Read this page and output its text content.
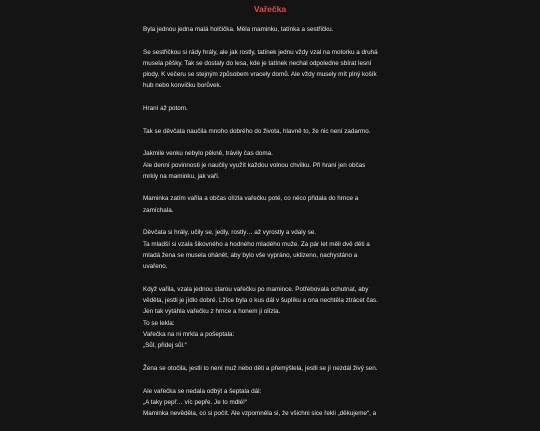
Vařečka

Byla jednou jedna malá holčička. Měla maminku, tatínka a sestřičku.

Se sestřičkou si rády hrály, ale jak rostly, tatínek jednu vždy vzal na motorku a druhá
musela pěšky. Tak se dostaly do lesa, kde je tatínek nechal odpoledne sbírat lesní
plody. K večeru se stejným způsobem vracely domů. Ale vždy musely mít plný košík
hub nebo konvičku borůvek.

Hraní až potom.

Tak se děvčata naučila mnoho dobrého do života, hlavně to, že nic není zadarmo.

Jakmile venku nebylo pěkně, trávily čas doma.
Ale denní povinnosti je naučily využít každou volnou chvilku. Při hraní jen občas
mrkly na maminku, jak vaří.

Maminka zatím vařila a občas olízla vařečku poté, co něco přidala do hrnce a
zamíchala.

Děvčata si hrály, učily se, jedly, rostly… až vyrostly a vdaly se.
Ta mladší si vzala šikovného a hodného mladého muže. Za pár let měli dvě děti a
mladá žena se musela ohánět, aby bylo vše vypráno, uklizeno, nachystáno a
uvařeno.

Když vařila, vzala jednou starou vařečku po mamince. Potřebovala ochutnat, aby
věděla, jestli je jídlo dobré. Lžíce byla o kus dál v šuplíku a ona nechtěla ztrácet čas.
Jen tak vytáhla vařečku z hrnce a honem ji olízla.
To se lekla:
Vařečka na ni mrkla a pošeptala:
„Sůl, přidej sůl.“

Žena se otočila, jestli to není muž nebo děti a přemýšlela, jestli se jí nezdál živý sen.

Ale vařečka se nedala odbýt a šeptala dál:
„A taky pepř… víc pepře. Je to mdlé!“
Maminka nevěděla, co si počít. Ale vzpomněla si, že všichni sice řekli „děkujeme“, a
